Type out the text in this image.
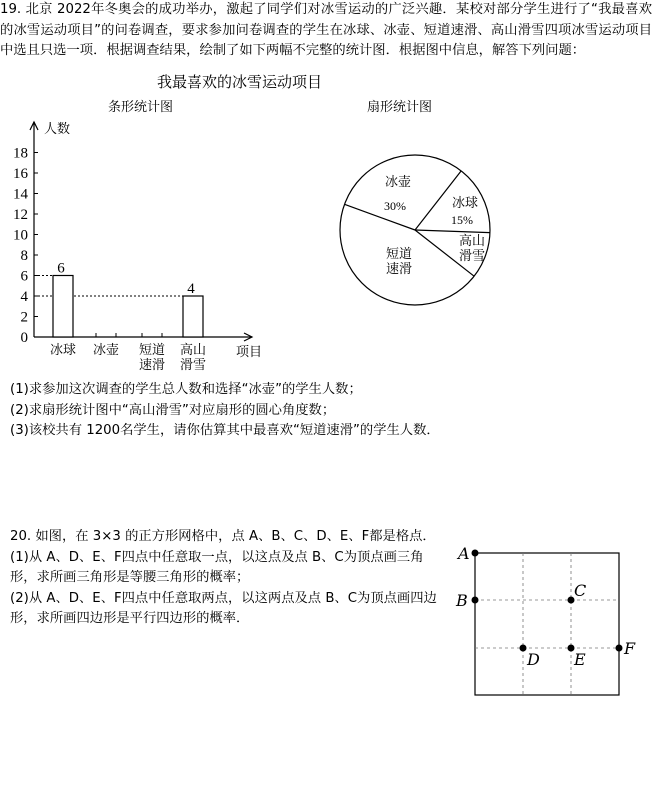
19. 北京 2022年冬奥会的成功举办，激起了同学们对冰雪运动的广泛兴趣．某校对部分学生进行了“我最喜欢的冰雪运动项目”的问卷调查，要求参加问卷调查的学生在冰球、冰壶、短道速滑、高山滑雪四项冰雪运动项目中选且只选一项．根据调查结果，绘制了如下两幅不完整的统计图．根据图中信息，解答下列问题：

我最喜欢的冰雪运动项目
条形统计图	扇形统计图
人数
项目
0
2
4
6
8
10
12
14
16
18
6
冰球 冰壶 短道
速滑
4
高山
滑雪
冰壶
30%	冰球
15%
高山
滑雪
短道
速滑

(1)求参加这次调查的学生总人数和选择“冰壶”的学生人数；

(2)求扇形统计图中“高山滑雪”对应扇形的圆心角度数；

(3)该校共有 1200名学生，请你估算其中最喜欢“短道速滑”的学生人数．

20. 如图，在 3×3 的正方形网格中，点 A、B、C、D、E、F都是格点．

(1)从 A、D、E、F四点中任意取一点，以这点及点 B、C为顶点画三角形，求所画三角形是等腰三角形的概率；

(2)从 A、D、E、F四点中任意取两点，以这两点及点 B、C为顶点画四边形，求所画四边形是平行四边形的概率．

A
B
C
D E
F
